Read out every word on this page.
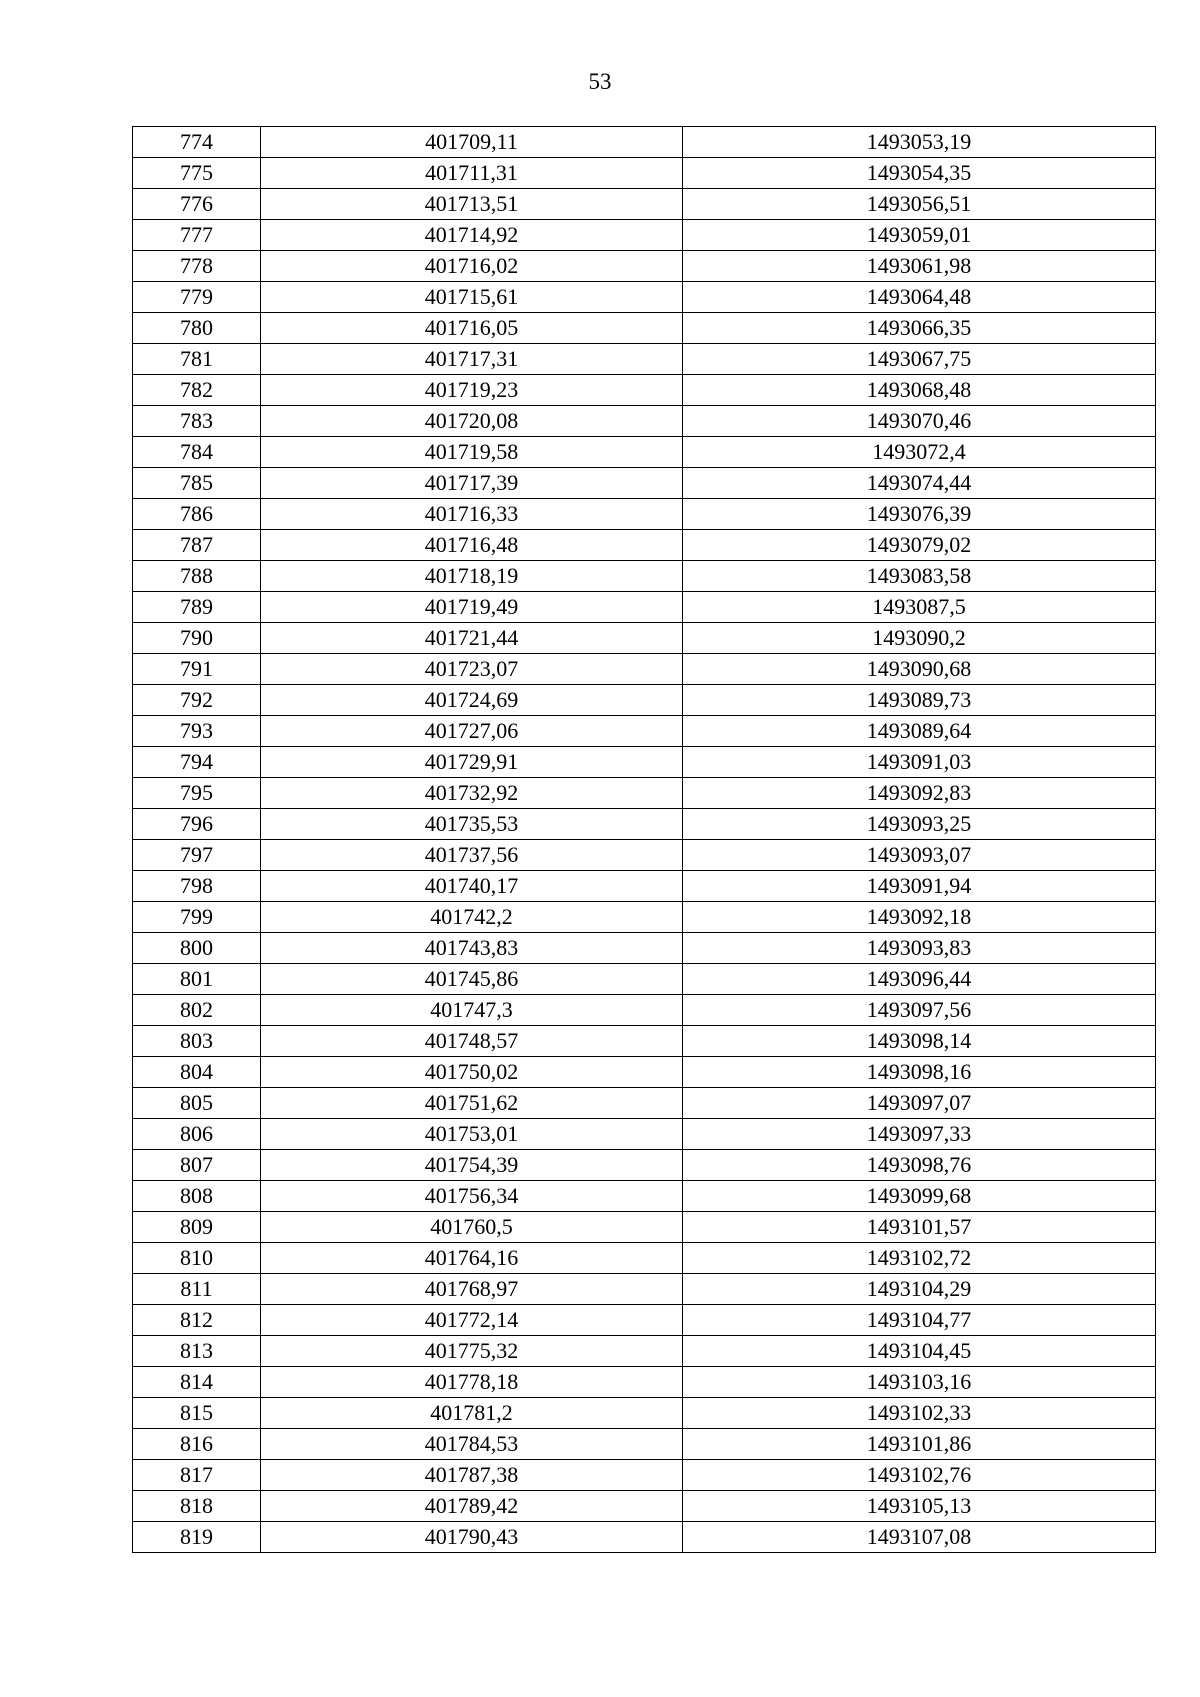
53
774	401709,11	1493053,19
775	401711,31	1493054,35
776	401713,51	1493056,51
777	401714,92	1493059,01
778	401716,02	1493061,98
779	401715,61	1493064,48
780	401716,05	1493066,35
781	401717,31	1493067,75
782	401719,23	1493068,48
783	401720,08	1493070,46
784	401719,58	1493072,4
785	401717,39	1493074,44
786	401716,33	1493076,39
787	401716,48	1493079,02
788	401718,19	1493083,58
789	401719,49	1493087,5
790	401721,44	1493090,2
791	401723,07	1493090,68
792	401724,69	1493089,73
793	401727,06	1493089,64
794	401729,91	1493091,03
795	401732,92	1493092,83
796	401735,53	1493093,25
797	401737,56	1493093,07
798	401740,17	1493091,94
799	401742,2	1493092,18
800	401743,83	1493093,83
801	401745,86	1493096,44
802	401747,3	1493097,56
803	401748,57	1493098,14
804	401750,02	1493098,16
805	401751,62	1493097,07
806	401753,01	1493097,33
807	401754,39	1493098,76
808	401756,34	1493099,68
809	401760,5	1493101,57
810	401764,16	1493102,72
811	401768,97	1493104,29
812	401772,14	1493104,77
813	401775,32	1493104,45
814	401778,18	1493103,16
815	401781,2	1493102,33
816	401784,53	1493101,86
817	401787,38	1493102,76
818	401789,42	1493105,13
819	401790,43	1493107,08
